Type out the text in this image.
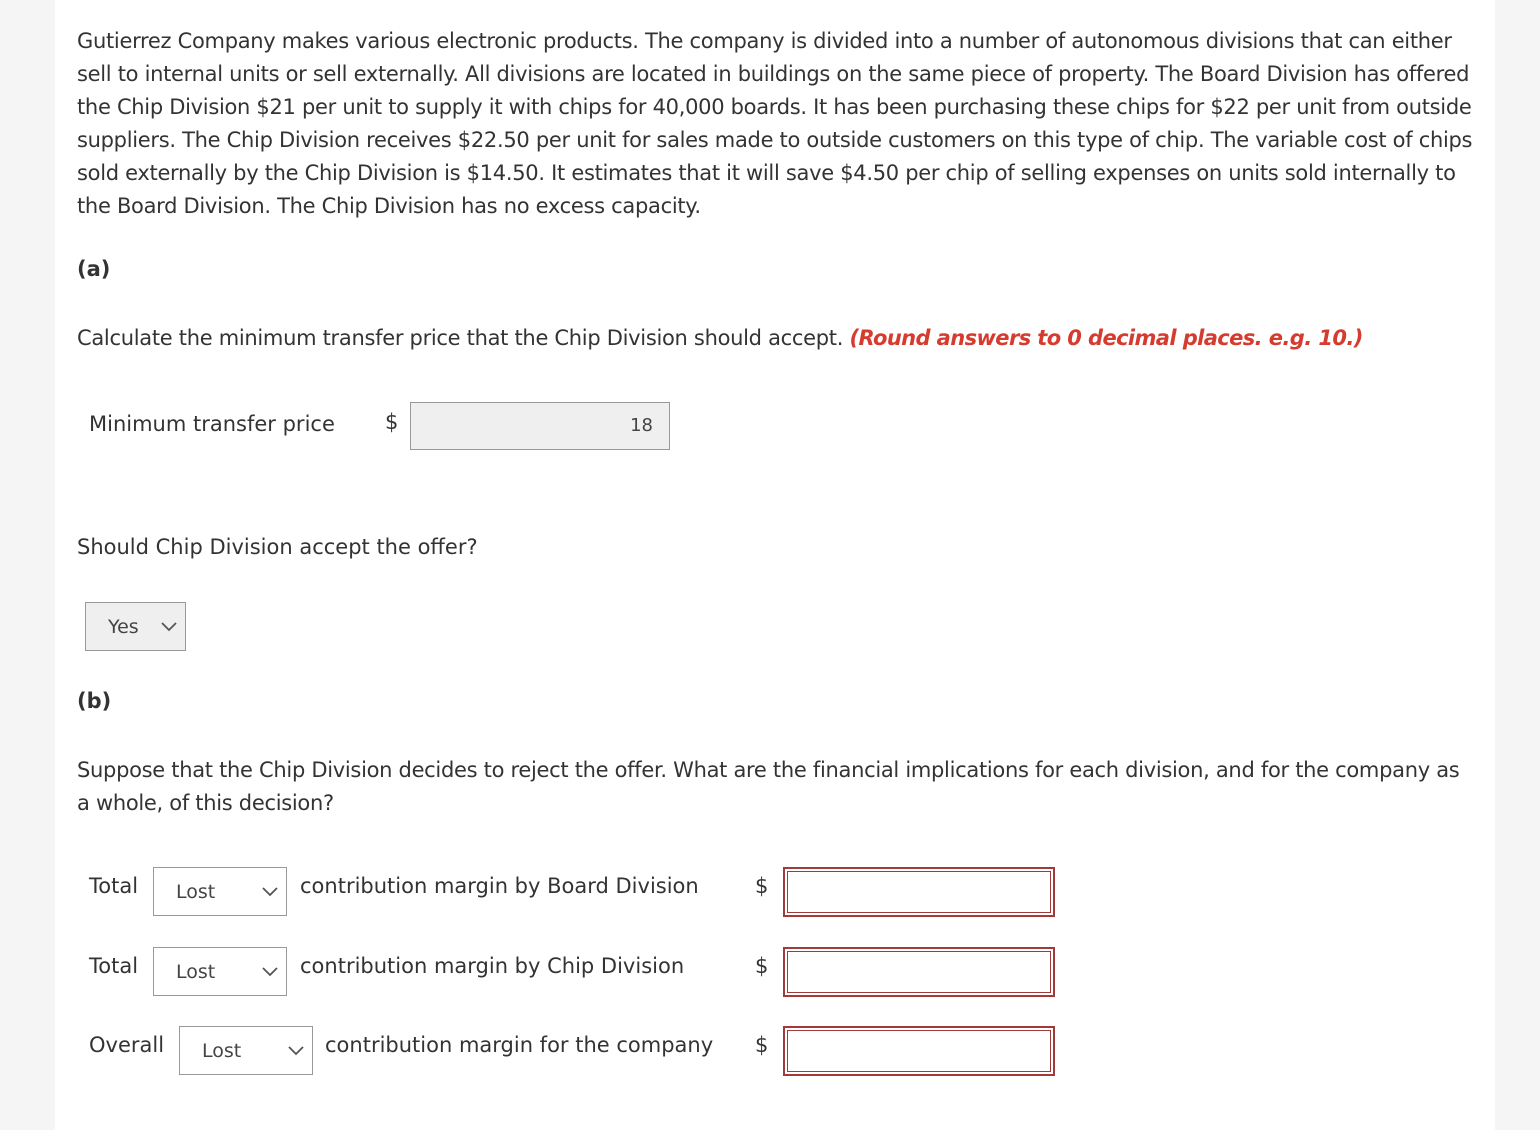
Gutierrez Company makes various electronic products. The company is divided into a number of autonomous divisions that can either sell to internal units or sell externally. All divisions are located in buildings on the same piece of property. The Board Division has offered the Chip Division $21 per unit to supply it with chips for 40,000 boards. It has been purchasing these chips for $22 per unit from outside suppliers. The Chip Division receives $22.50 per unit for sales made to outside customers on this type of chip. The variable cost of chips sold externally by the Chip Division is $14.50. It estimates that it will save $4.50 per chip of selling expenses on units sold internally to the Board Division. The Chip Division has no excess capacity.
(a)
Calculate the minimum transfer price that the Chip Division should accept. (Round answers to 0 decimal places. e.g. 10.)
Minimum transfer price $	18
Should Chip Division accept the offer?
Yes
(b)
Suppose that the Chip Division decides to reject the offer. What are the financial implications for each division, and for the company as a whole, of this decision?
Total Lost	contribution margin by Board Division	$
Total Lost	contribution margin by Chip Division	$
Overall Lost	contribution margin for the company $
